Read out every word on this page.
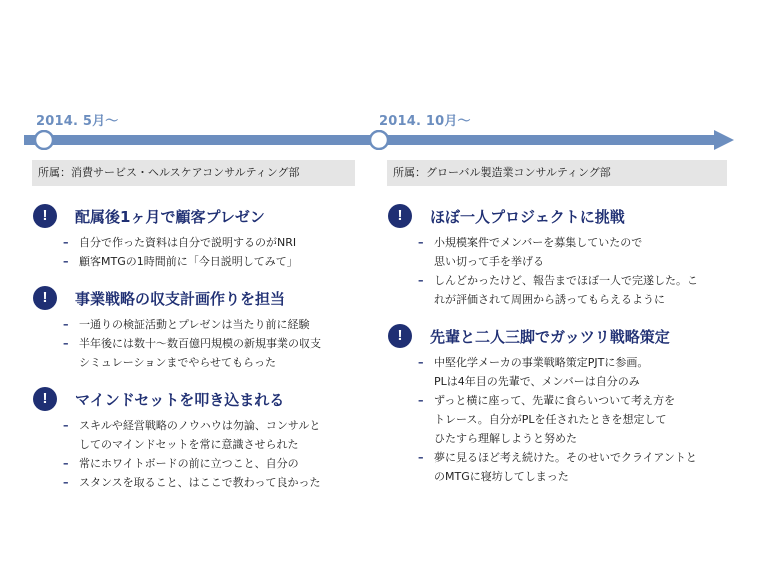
2014. 5月～	2014. 10月～
所属：消費サービス・ヘルスケアコンサルティング部	所属：グローバル製造業コンサルティング部
!	配属後1ヶ月で顧客プレゼン
– 自分で作った資料は自分で説明するのがNRI
– 顧客MTGの1時間前に「今日説明してみて」
!	事業戦略の収支計画作りを担当
– 一通りの検証活動とプレゼンは当たり前に経験
– 半年後には数十～数百億円規模の新規事業の収支
シミュレーションまでやらせてもらった
!	マインドセットを叩き込まれる
– スキルや経営戦略のノウハウは勿論、コンサルと
してのマインドセットを常に意識させられた
– 常にホワイトボードの前に立つこと、自分の
– スタンスを取ること、はここで教わって良かった
!	ほぼ一人プロジェクトに挑戦
– 小規模案件でメンバーを募集していたので
思い切って手を挙げる
– しんどかったけど、報告までほぼ一人で完遂した。こ
れが評価されて周囲から誘ってもらえるように
!	先輩と二人三脚でガッツリ戦略策定
– 中堅化学メーカの事業戦略策定PJTに参画。
PLは4年目の先輩で、メンバーは自分のみ
– ずっと横に座って、先輩に食らいついて考え方を
トレース。自分がPLを任されたときを想定して
ひたすら理解しようと努めた
– 夢に見るほど考え続けた。そのせいでクライアントと
のMTGに寝坊してしまった
